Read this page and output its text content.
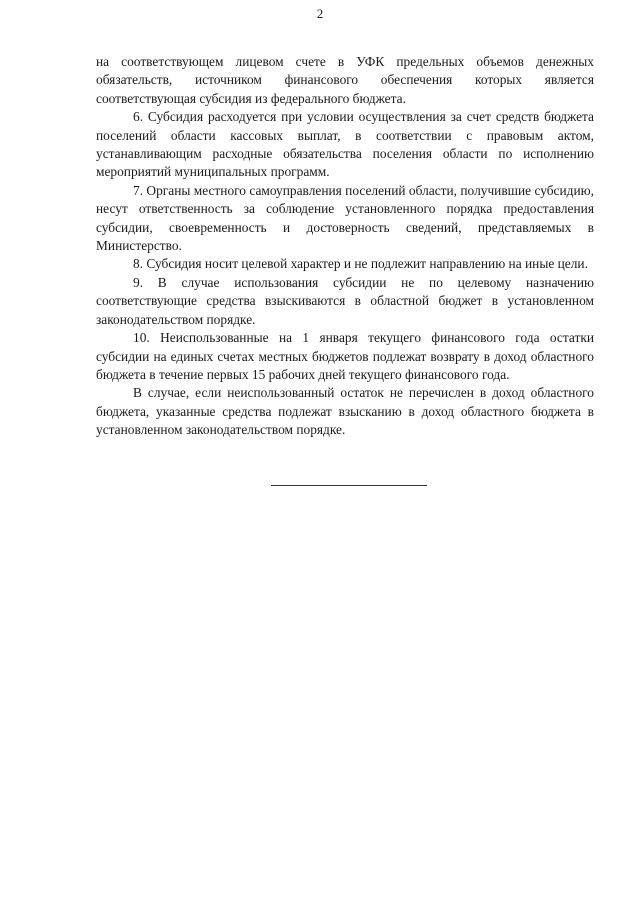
2

на соответствующем лицевом счете в УФК предельных объемов денежных обязательств, источником финансового обеспечения которых является соответствующая субсидия из федерального бюджета.

6. Субсидия расходуется при условии осуществления за счет средств бюджета поселений области кассовых выплат, в соответствии с правовым актом, устанавливающим расходные обязательства поселения области по исполнению мероприятий муниципальных программ.

7. Органы местного самоуправления поселений области, получившие субсидию, несут ответственность за соблюдение установленного порядка предоставления субсидии, своевременность и достоверность сведений, представляемых в Министерство.

8. Субсидия носит целевой характер и не подлежит направлению на иные цели.

9. В случае использования субсидии не по целевому назначению соответствующие средства взыскиваются в областной бюджет в установленном законодательством порядке.

10. Неиспользованные на 1 января текущего финансового года остатки субсидии на единых счетах местных бюджетов подлежат возврату в доход областного бюджета в течение первых 15 рабочих дней текущего финансового года.

В случае, если неиспользованный остаток не перечислен в доход областного бюджета, указанные средства подлежат взысканию в доход областного бюджета в установленном законодательством порядке.
